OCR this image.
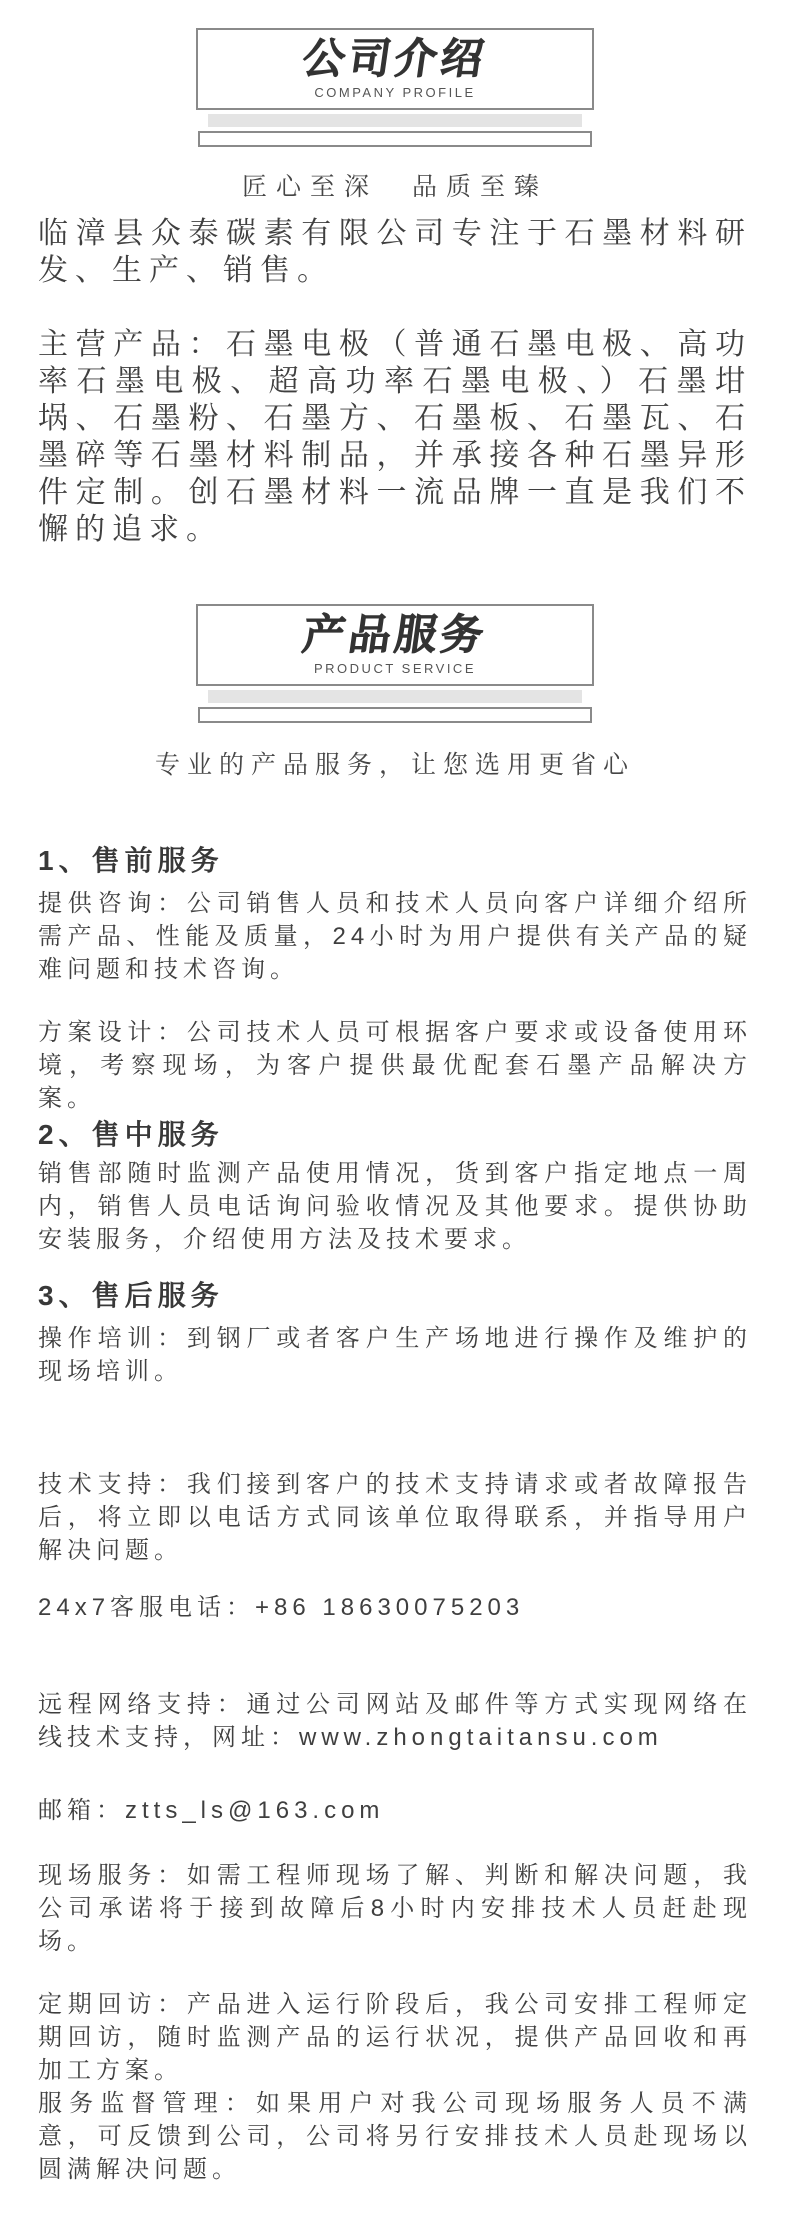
公司介绍
COMPANY PROFILE
匠心至深　品质至臻
临漳县众泰碳素有限公司专注于石墨材料研发、生产、销售。
主营产品：石墨电极（普通石墨电极、高功率石墨电极、超高功率石墨电极、）石墨坩埚、石墨粉、石墨方、石墨板、石墨瓦、石墨碎等石墨材料制品，并承接各种石墨异形件定制。创石墨材料一流品牌一直是我们不懈的追求。
产品服务
PRODUCT SERVICE
专业的产品服务，让您选用更省心
1、售前服务
提供咨询：公司销售人员和技术人员向客户详细介绍所需产品、性能及质量，24小时为用户提供有关产品的疑难问题和技术咨询。
方案设计：公司技术人员可根据客户要求或设备使用环境，考察现场，为客户提供最优配套石墨产品解决方案。
2、售中服务
销售部随时监测产品使用情况，货到客户指定地点一周内，销售人员电话询问验收情况及其他要求。提供协助安装服务，介绍使用方法及技术要求。
3、售后服务
操作培训：到钢厂或者客户生产场地进行操作及维护的现场培训。
技术支持：我们接到客户的技术支持请求或者故障报告后，将立即以电话方式同该单位取得联系，并指导用户解决问题。
24x7客服电话：+86 18630075203
远程网络支持：通过公司网站及邮件等方式实现网络在线技术支持，网址：www.zhongtaitansu.com
邮箱：ztts_ls@163.com
现场服务：如需工程师现场了解、判断和解决问题，我公司承诺将于接到故障后8小时内安排技术人员赶赴现场。
定期回访：产品进入运行阶段后，我公司安排工程师定期回访，随时监测产品的运行状况，提供产品回收和再加工方案。
服务监督管理：如果用户对我公司现场服务人员不满意，可反馈到公司，公司将另行安排技术人员赴现场以圆满解决问题。
